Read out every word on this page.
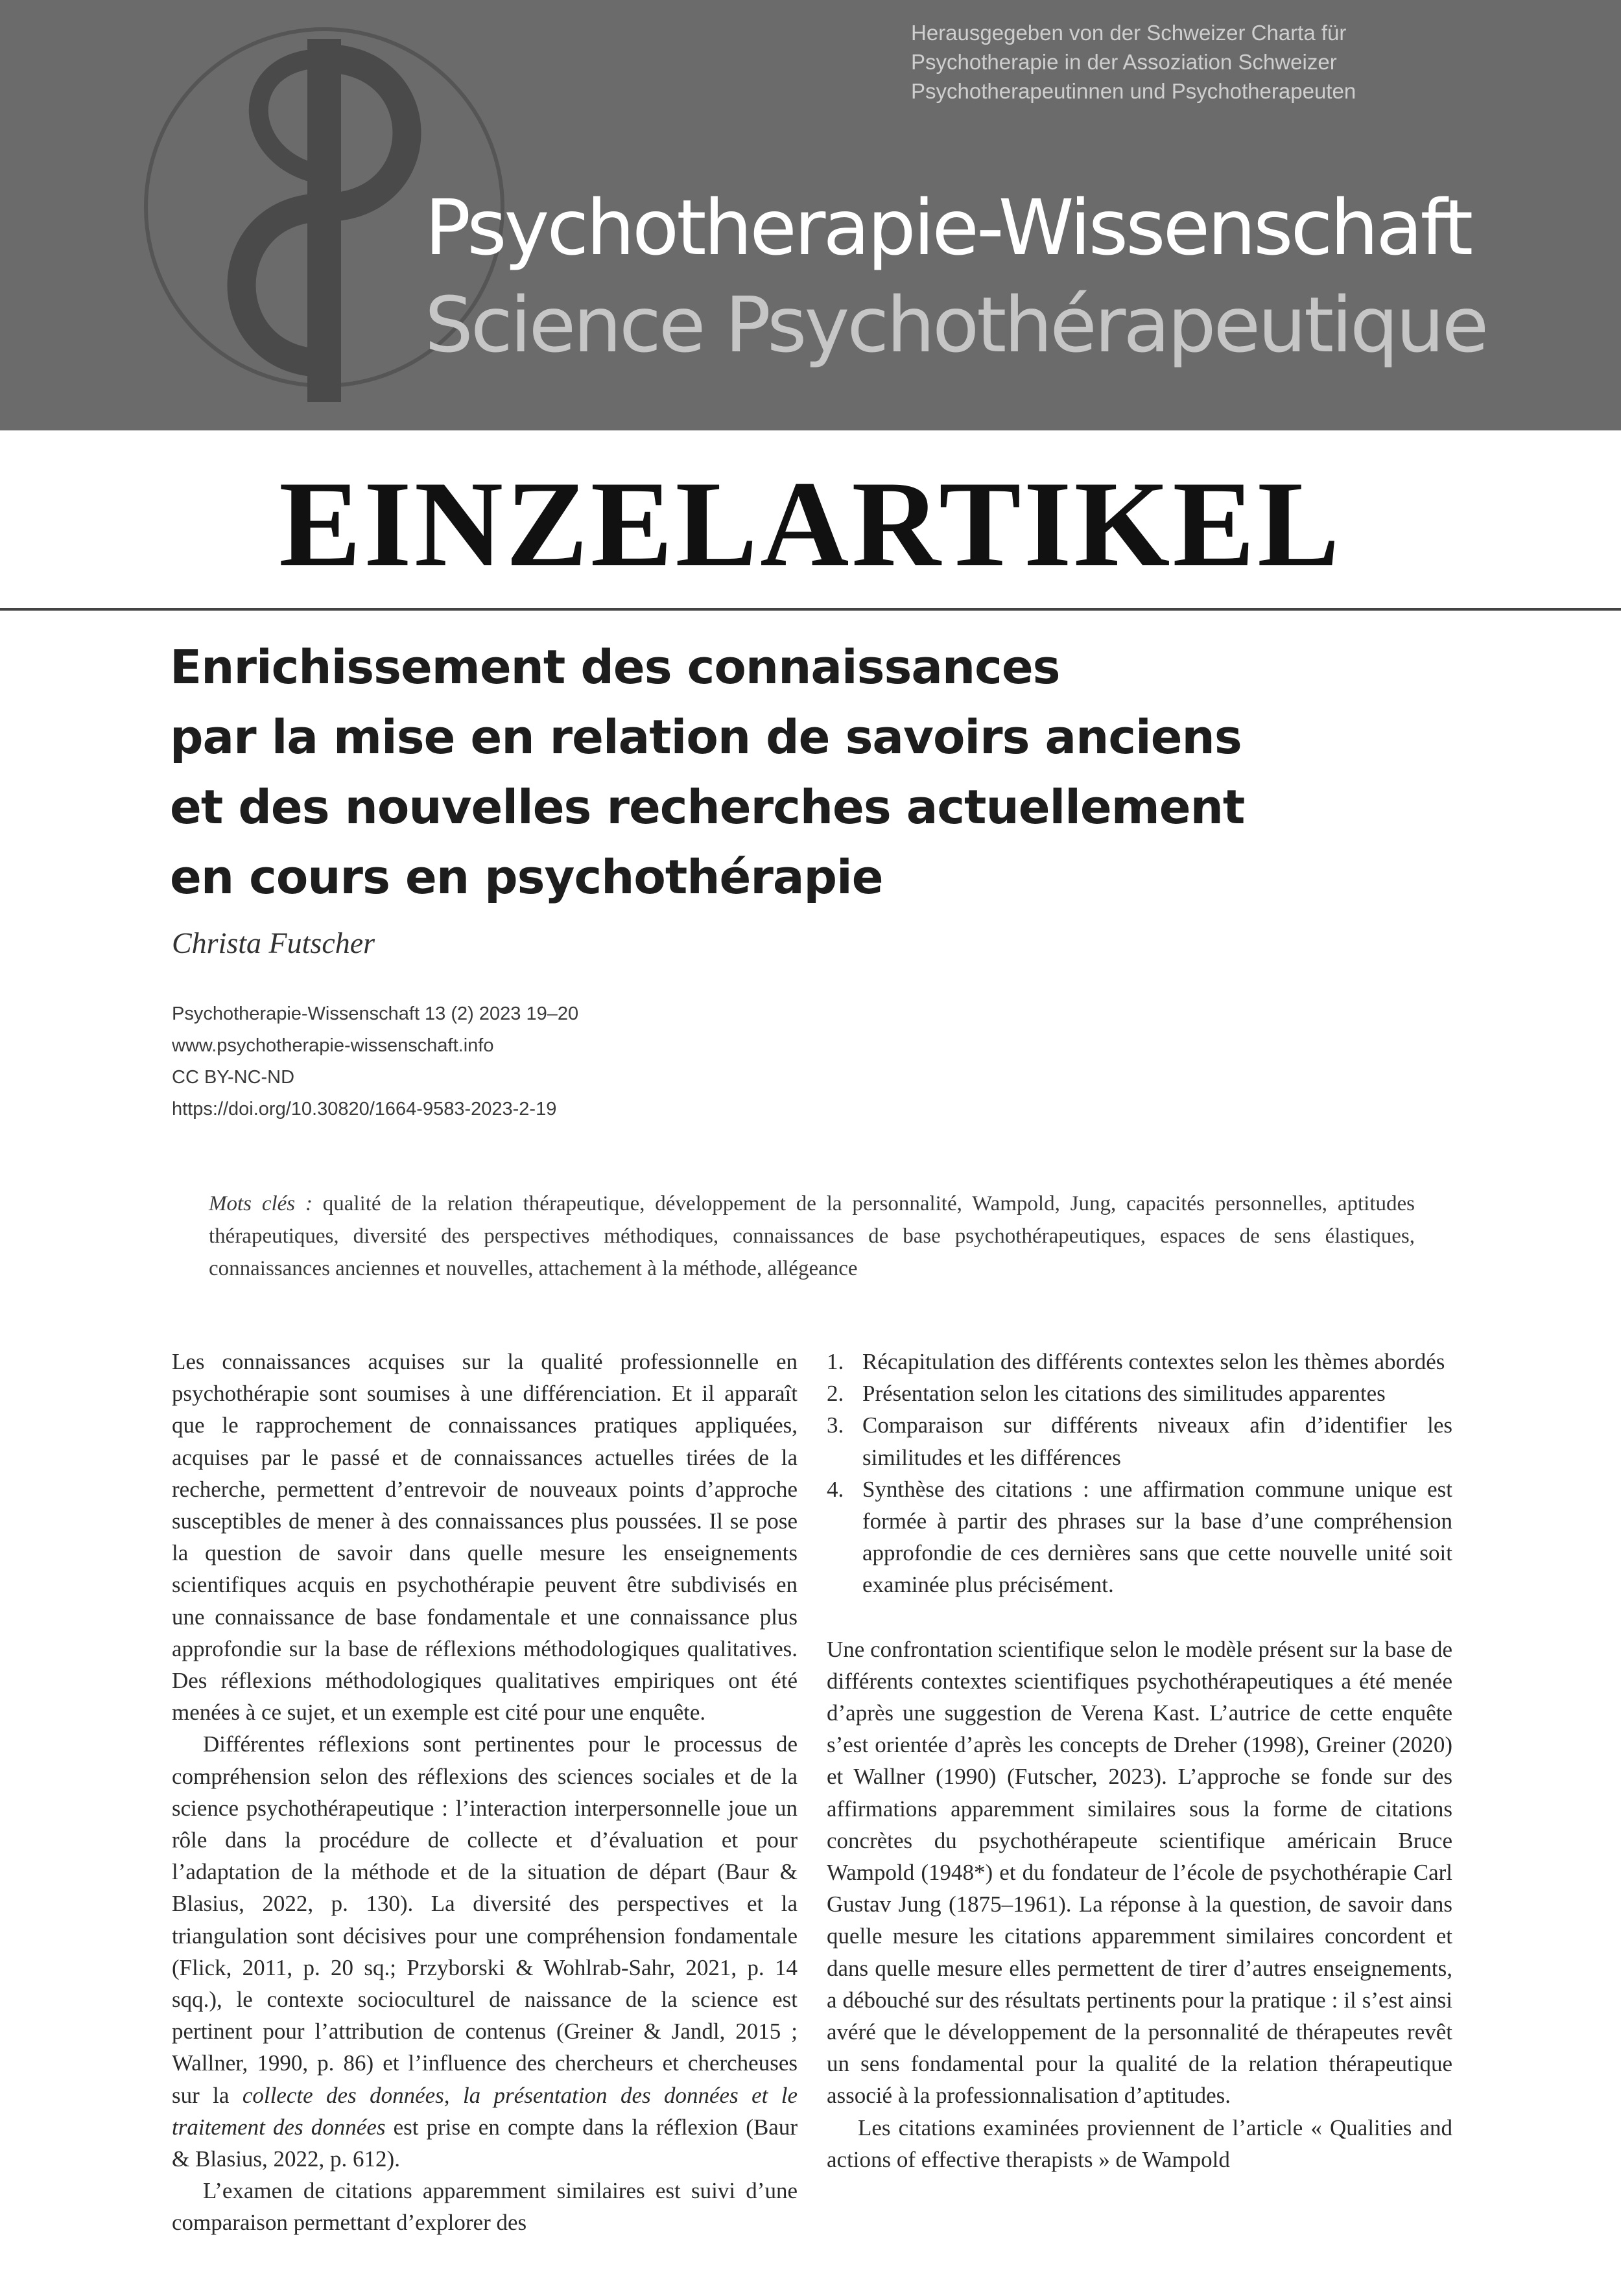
Herausgegeben von der Schweizer Charta für
Psychotherapie in der Assoziation Schweizer
Psychotherapeutinnen und Psychotherapeuten
Psychotherapie-Wissenschaft
Science Psychothérapeutique
EINZELARTIKEL
Enrichissement des connaissances
par la mise en relation de savoirs anciens
et des nouvelles recherches actuellement
en cours en psychothérapie
Christa Futscher
Psychotherapie-Wissenschaft 13 (2) 2023 19–20
www.psychotherapie-wissenschaft.info
CC BY-NC-ND
https://doi.org/10.30820/1664-9583-2023-2-19
Mots clés : qualité de la relation thérapeutique, développement de la personnalité, Wampold, Jung, capacités personnelles, aptitudes thérapeutiques, diversité des perspectives méthodiques, connaissances de base psychothérapeutiques, espaces de sens élastiques, connaissances anciennes et nouvelles, attachement à la méthode, allégeance

Les connaissances acquises sur la qualité professionnelle en psychothérapie sont soumises à une différenciation. Et il apparaît que le rapprochement de connaissances pratiques appliquées, acquises par le passé et de connaissances actuelles tirées de la recherche, permettent d’entrevoir de nouveaux points d’approche susceptibles de mener à des connaissances plus poussées. Il se pose la question de savoir dans quelle mesure les enseignements scientifiques acquis en psychothérapie peuvent être subdivisés en une connaissance de base fondamentale et une connaissance plus approfondie sur la base de réflexions méthodologiques qualitatives. Des réflexions méthodologiques qualitatives empiriques ont été menées à ce sujet, et un exemple est cité pour une enquête.

Différentes réflexions sont pertinentes pour le processus de compréhension selon des réflexions des sciences sociales et de la science psychothérapeutique : l’interaction interpersonnelle joue un rôle dans la procédure de collecte et d’évaluation et pour l’adaptation de la méthode et de la situation de départ (Baur & Blasius, 2022, p. 130). La diversité des perspectives et la triangulation sont décisives pour une compréhension fondamentale (Flick, 2011, p. 20 sq.; Przyborski & Wohlrab-Sahr, 2021, p. 14 sqq.), le contexte socioculturel de naissance de la science est pertinent pour l’attribution de contenus (Greiner & Jandl, 2015 ; Wallner, 1990, p. 86) et l’influence des chercheurs et chercheuses sur la collecte des données, la présentation des données et le traitement des données est prise en compte dans la réflexion (Baur & Blasius, 2022, p. 612).

L’examen de citations apparemment similaires est suivi d’une comparaison permettant d’explorer des

1. Récapitulation des différents contextes selon les thèmes abordés
2. Présentation selon les citations des similitudes apparentes
3. Comparaison sur différents niveaux afin d’identifier les similitudes et les différences
4. Synthèse des citations : une affirmation commune unique est formée à partir des phrases sur la base d’une compréhension approfondie de ces dernières sans que cette nouvelle unité soit examinée plus précisément.

Une confrontation scientifique selon le modèle présent sur la base de différents contextes scientifiques psychothérapeutiques a été menée d’après une suggestion de Verena Kast. L’autrice de cette enquête s’est orientée d’après les concepts de Dreher (1998), Greiner (2020) et Wallner (1990) (Futscher, 2023). L’approche se fonde sur des affirmations apparemment similaires sous la forme de citations concrètes du psychothérapeute scientifique américain Bruce Wampold (1948*) et du fondateur de l’école de psychothérapie Carl Gustav Jung (1875–1961). La réponse à la question, de savoir dans quelle mesure les citations apparemment similaires concordent et dans quelle mesure elles permettent de tirer d’autres enseignements, a débouché sur des résultats pertinents pour la pratique : il s’est ainsi avéré que le développement de la personnalité de thérapeutes revêt un sens fondamental pour la qualité de la relation thérapeutique associé à la professionnalisation d’aptitudes.

Les citations examinées proviennent de l’article « Qualities and actions of effective therapists » de Wampold
